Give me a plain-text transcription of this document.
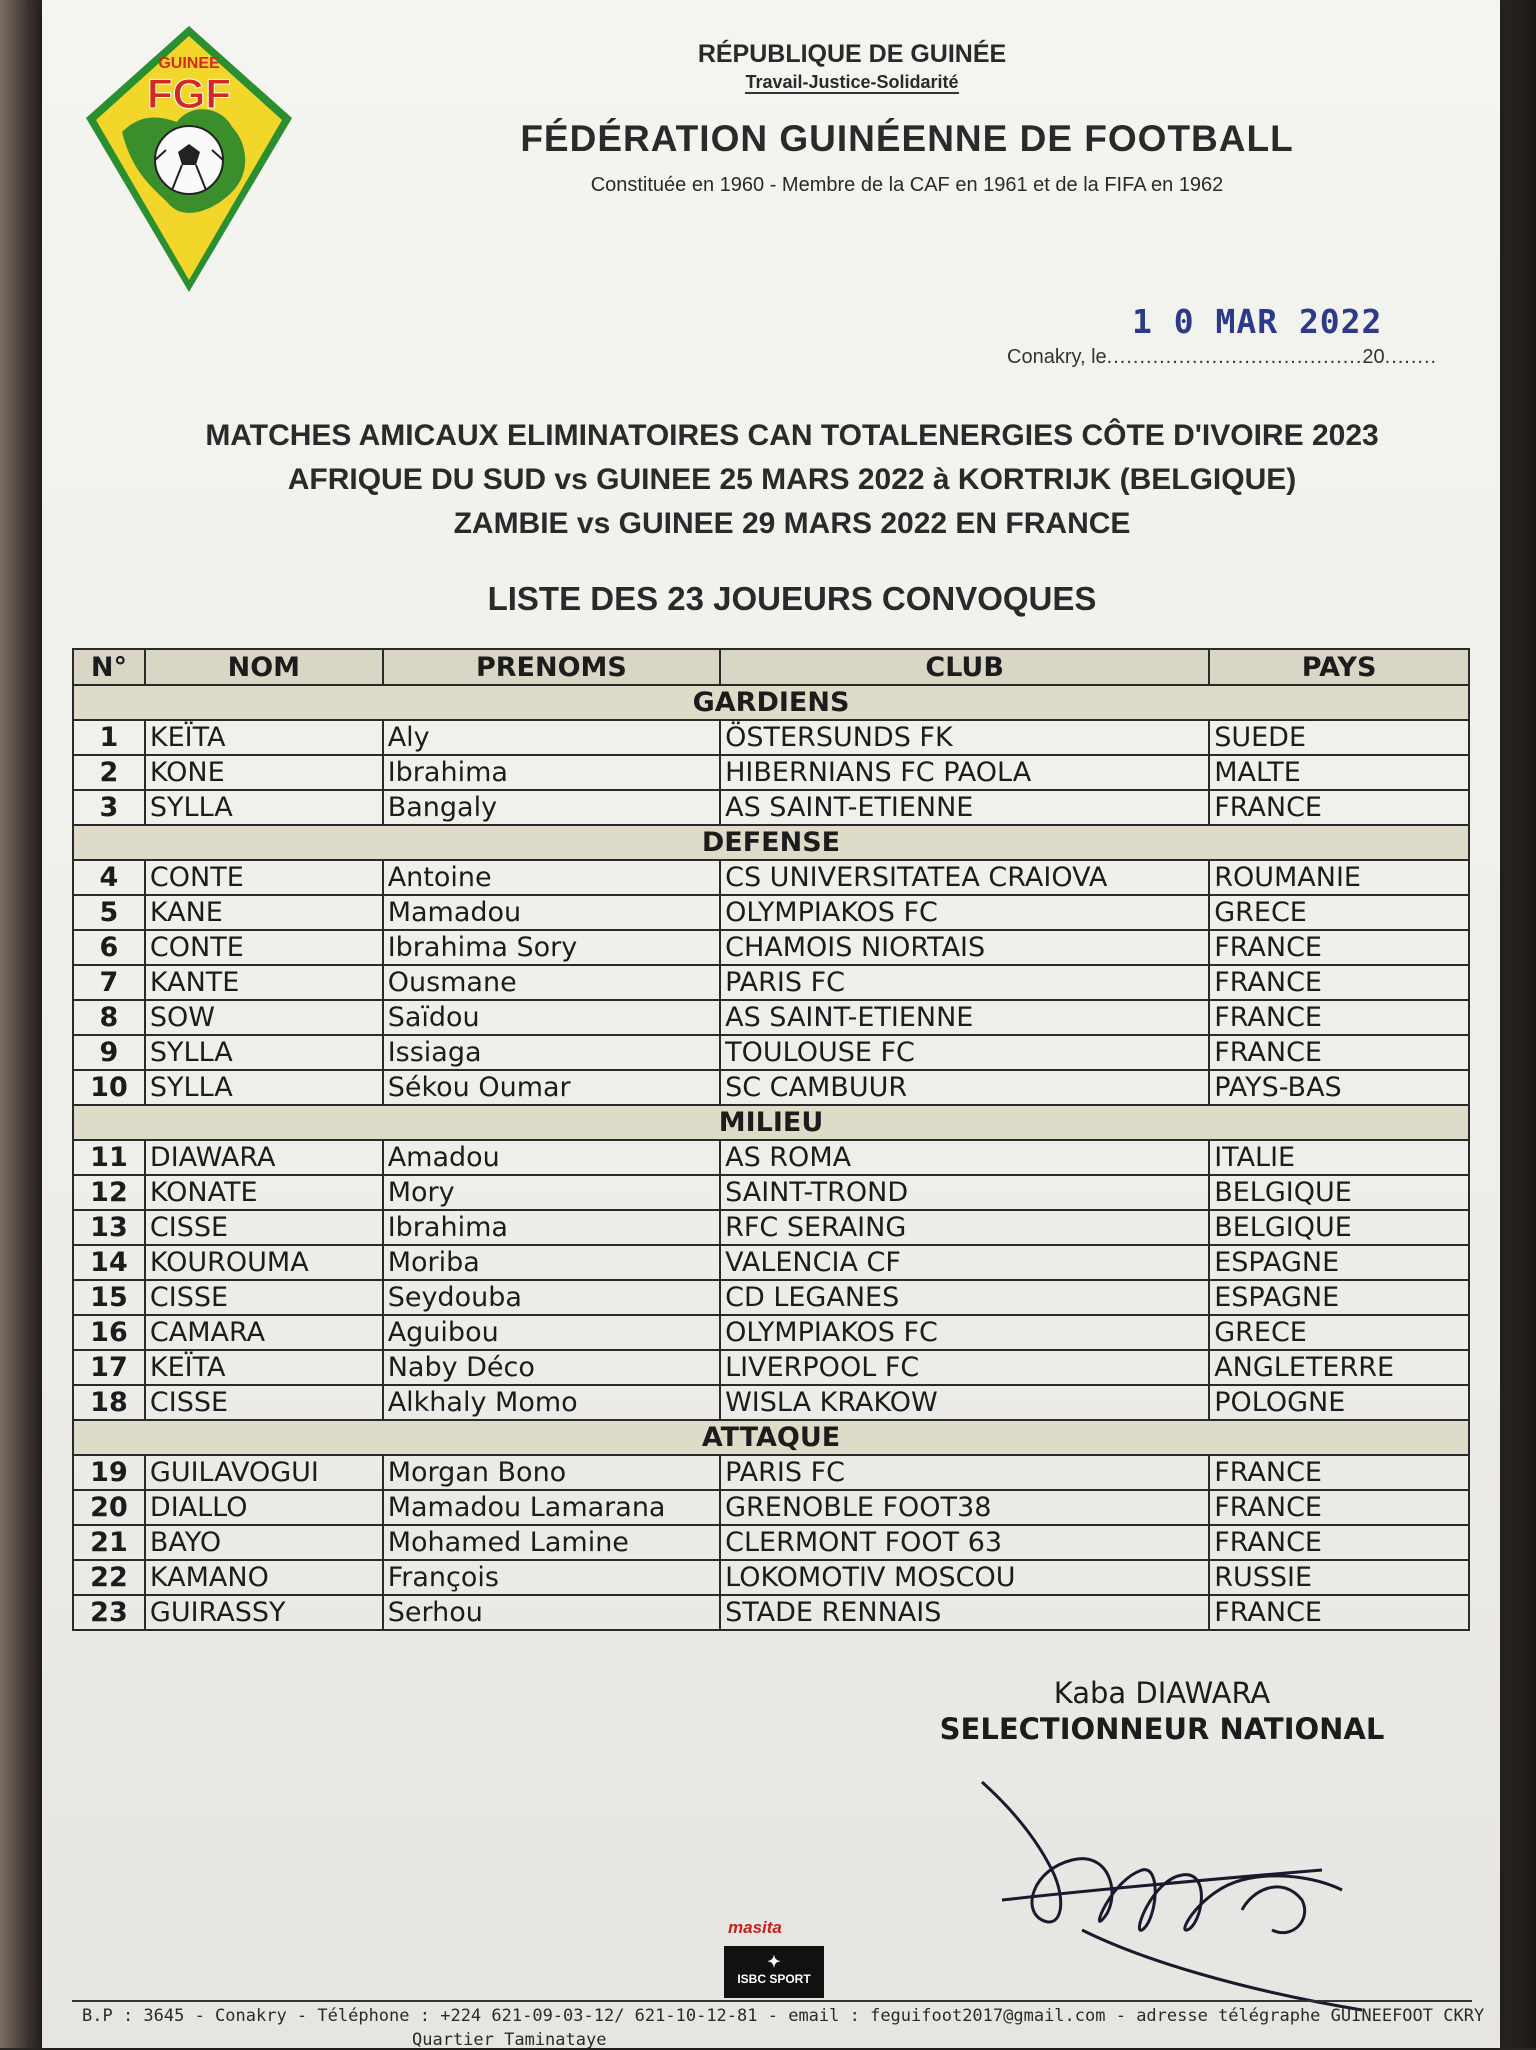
GUINEE
FGF
RÉPUBLIQUE DE GUINÉE
Travail-Justice-Solidarité
FÉDÉRATION GUINÉENNE DE FOOTBALL
Constituée en 1960 - Membre de la CAF en 1961 et de la FIFA en 1962
1 0 MAR 2022
Conakry, le.......................................20........
MATCHES AMICAUX ELIMINATOIRES CAN TOTALENERGIES CÔTE D'IVOIRE 2023
AFRIQUE DU SUD vs GUINEE 25 MARS 2022 à KORTRIJK (BELGIQUE)
ZAMBIE vs GUINEE 29 MARS 2022 EN FRANCE
LISTE DES 23 JOUEURS CONVOQUES
N°	NOM	PRENOMS	CLUB	PAYS
GARDIENS				
1	KEÏTA	Aly	ÖSTERSUNDS FK	SUEDE
2	KONE	Ibrahima	HIBERNIANS FC PAOLA	MALTE
3	SYLLA	Bangaly	AS SAINT-ETIENNE	FRANCE
DEFENSE				
4	CONTE	Antoine	CS UNIVERSITATEA CRAIOVA	ROUMANIE
5	KANE	Mamadou	OLYMPIAKOS FC	GRECE
6	CONTE	Ibrahima Sory	CHAMOIS NIORTAIS	FRANCE
7	KANTE	Ousmane	PARIS FC	FRANCE
8	SOW	Saïdou	AS SAINT-ETIENNE	FRANCE
9	SYLLA	Issiaga	TOULOUSE FC	FRANCE
10	SYLLA	Sékou Oumar	SC CAMBUUR	PAYS-BAS
MILIEU				
11	DIAWARA	Amadou	AS ROMA	ITALIE
12	KONATE	Mory	SAINT-TROND	BELGIQUE
13	CISSE	Ibrahima	RFC SERAING	BELGIQUE
14	KOUROUMA	Moriba	VALENCIA CF	ESPAGNE
15	CISSE	Seydouba	CD LEGANES	ESPAGNE
16	CAMARA	Aguibou	OLYMPIAKOS FC	GRECE
17	KEÏTA	Naby Déco	LIVERPOOL FC	ANGLETERRE
18	CISSE	Alkhaly Momo	WISLA KRAKOW	POLOGNE
ATTAQUE				
19	GUILAVOGUI	Morgan Bono	PARIS FC	FRANCE
20	DIALLO	Mamadou Lamarana	GRENOBLE FOOT38	FRANCE
21	BAYO	Mohamed Lamine	CLERMONT FOOT 63	FRANCE
22	KAMANO	François	LOKOMOTIV MOSCOU	RUSSIE
23	GUIRASSY	Serhou	STADE RENNAIS	FRANCE
Kaba DIAWARA
SELECTIONNEUR NATIONAL
masita
✦
ISBC SPORT
B.P : 3645 - Conakry - Téléphone : +224 621-09-03-12/ 621-10-12-81 - email : feguifoot2017@gmail.com - adresse télégraphe GUINEEFOOT CKRY
Quartier Taminataye
